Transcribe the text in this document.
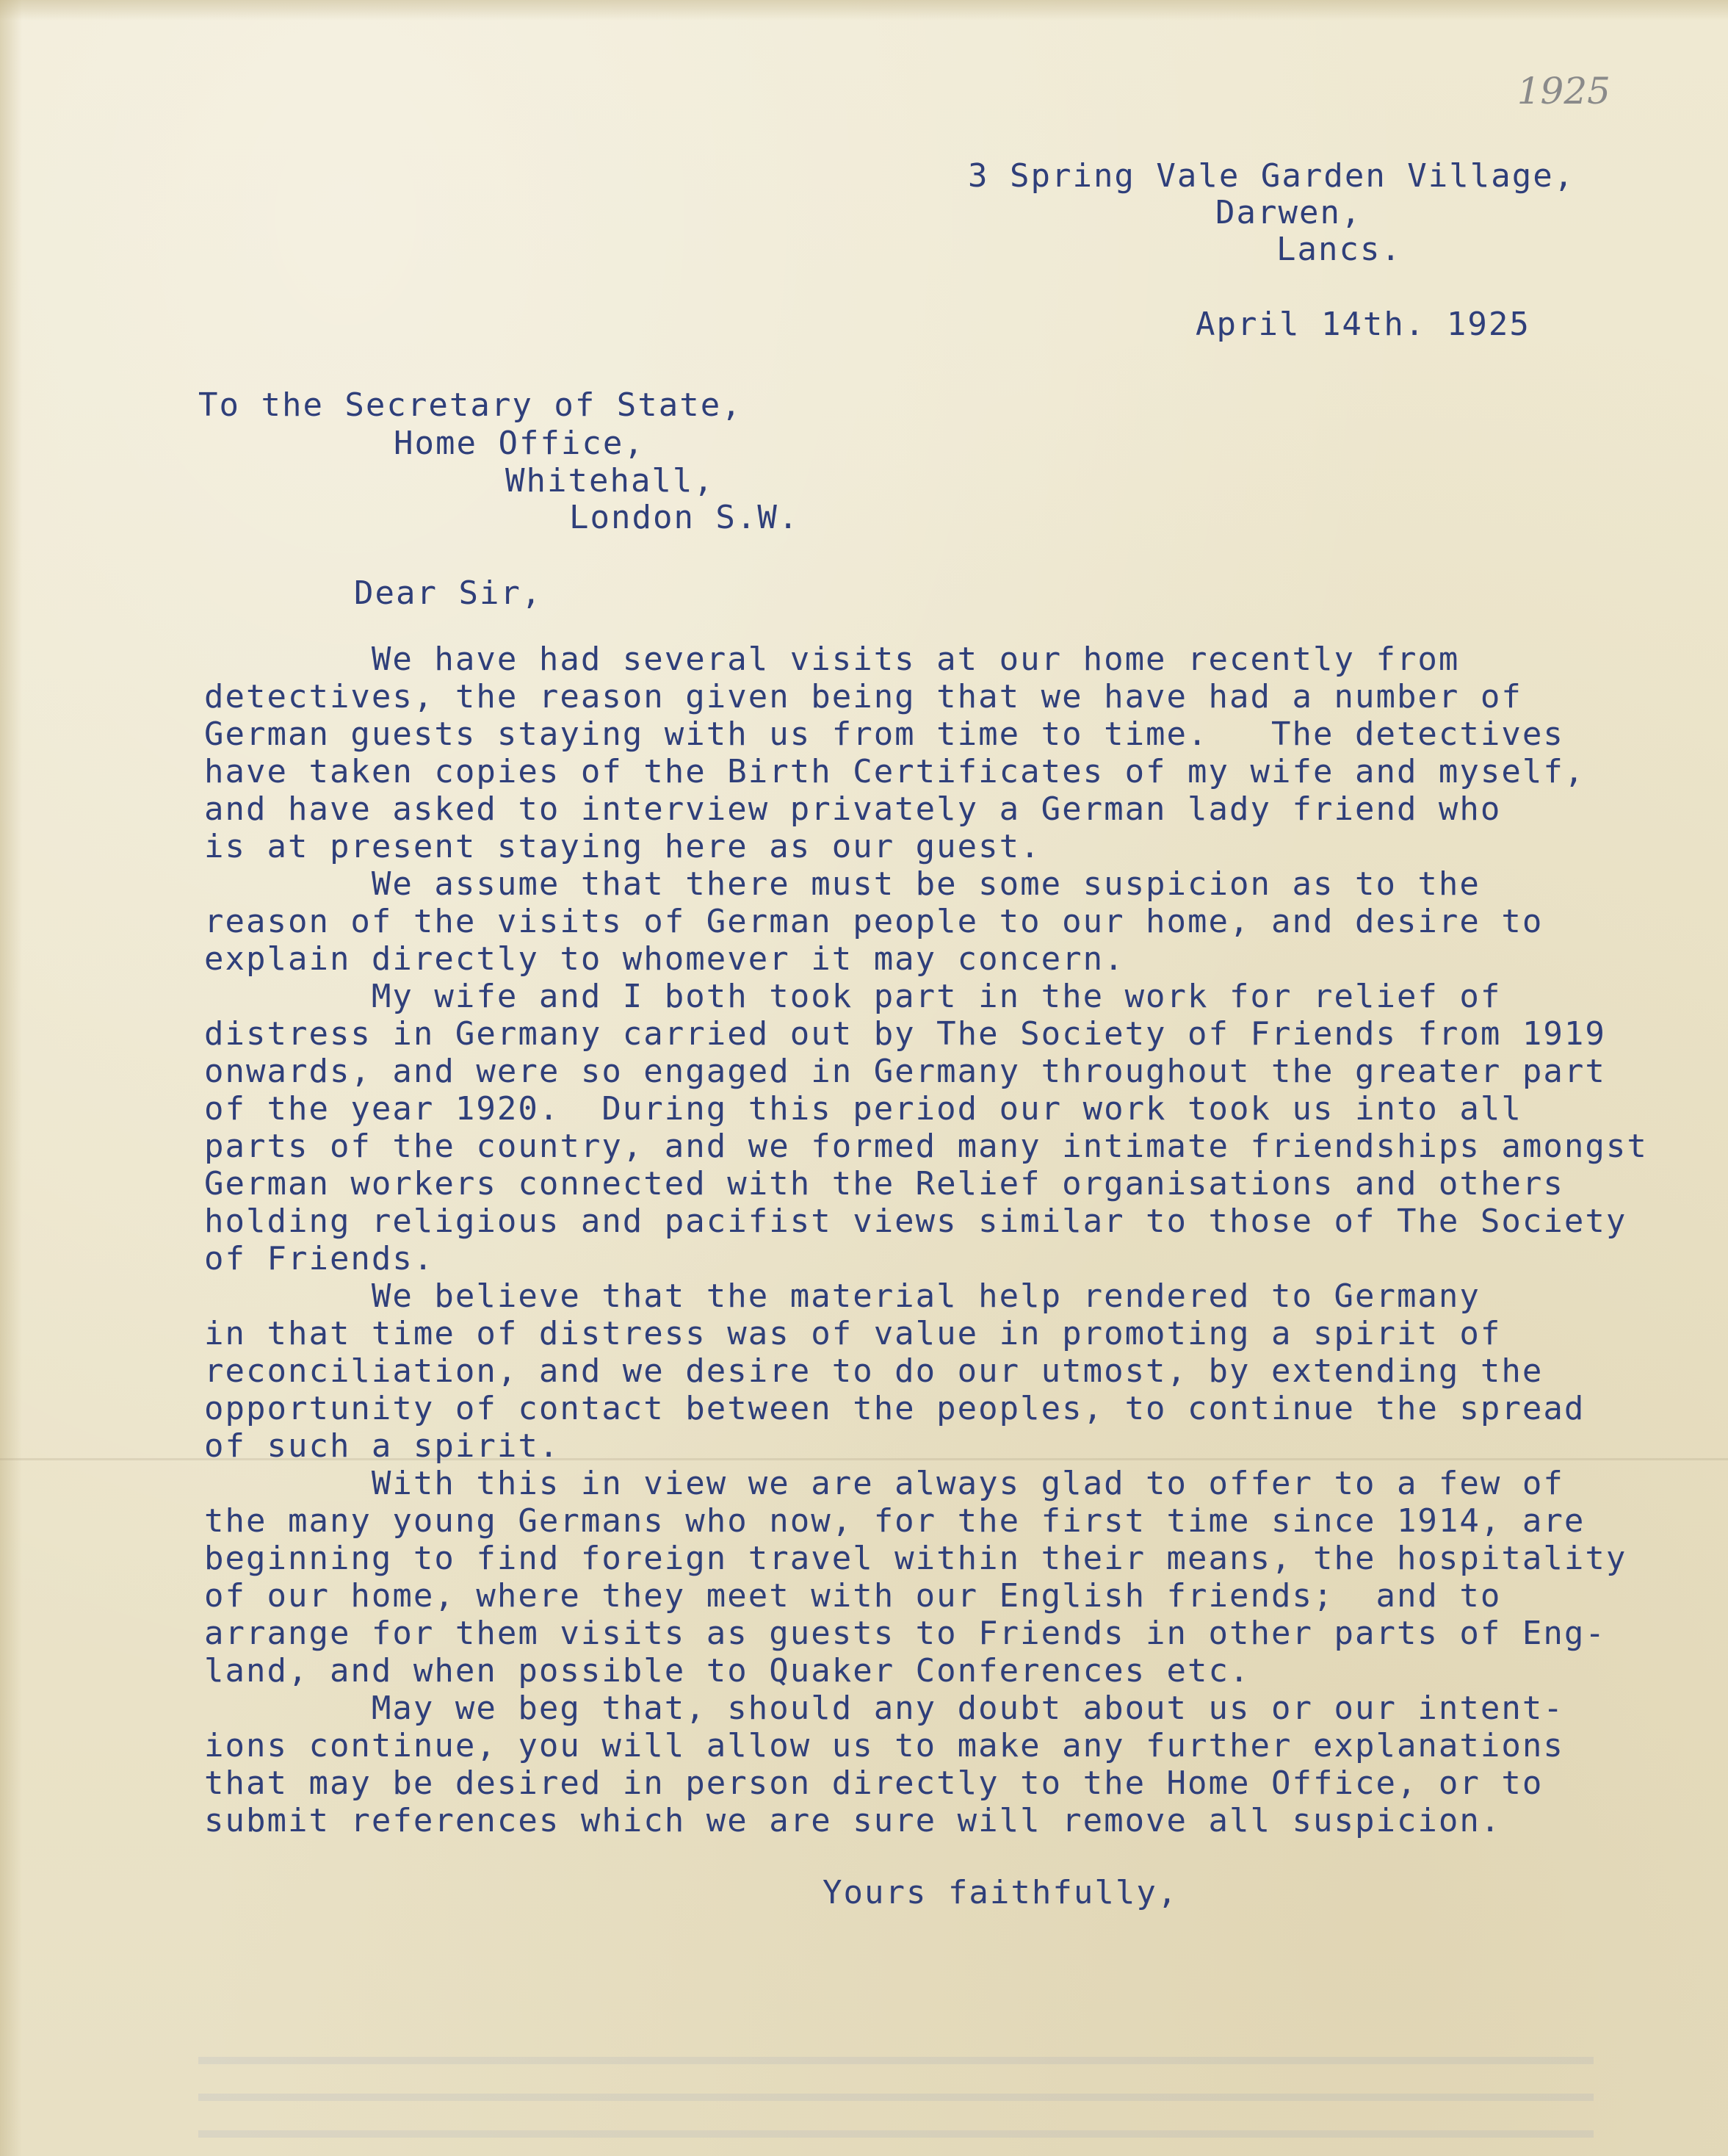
1925
3 Spring Vale Garden Village,
Darwen,
Lancs.
April 14th. 1925
To the Secretary of State,
Home Office,
Whitehall,
London S.W.
Dear Sir,
We have had several visits at our home recently from
detectives, the reason given being that we have had a number of
German guests staying with us from time to time.   The detectives
have taken copies of the Birth Certificates of my wife and myself,
and have asked to interview privately a German lady friend who
is at present staying here as our guest.
We assume that there must be some suspicion as to the
reason of the visits of German people to our home, and desire to
explain directly to whomever it may concern.
My wife and I both took part in the work for relief of
distress in Germany carried out by The Society of Friends from 1919
onwards, and were so engaged in Germany throughout the greater part
of the year 1920.  During this period our work took us into all
parts of the country, and we formed many intimate friendships amongst
German workers connected with the Relief organisations and others
holding religious and pacifist views similar to those of The Society
of Friends.
We believe that the material help rendered to Germany
in that time of distress was of value in promoting a spirit of
reconciliation, and we desire to do our utmost, by extending the
opportunity of contact between the peoples, to continue the spread
of such a spirit.
With this in view we are always glad to offer to a few of
the many young Germans who now, for the first time since 1914, are
beginning to find foreign travel within their means, the hospitality
of our home, where they meet with our English friends;  and to
arrange for them visits as guests to Friends in other parts of Eng-
land, and when possible to Quaker Conferences etc.
May we beg that, should any doubt about us or our intent-
ions continue, you will allow us to make any further explanations
that may be desired in person directly to the Home Office, or to
submit references which we are sure will remove all suspicion.
Yours faithfully,
